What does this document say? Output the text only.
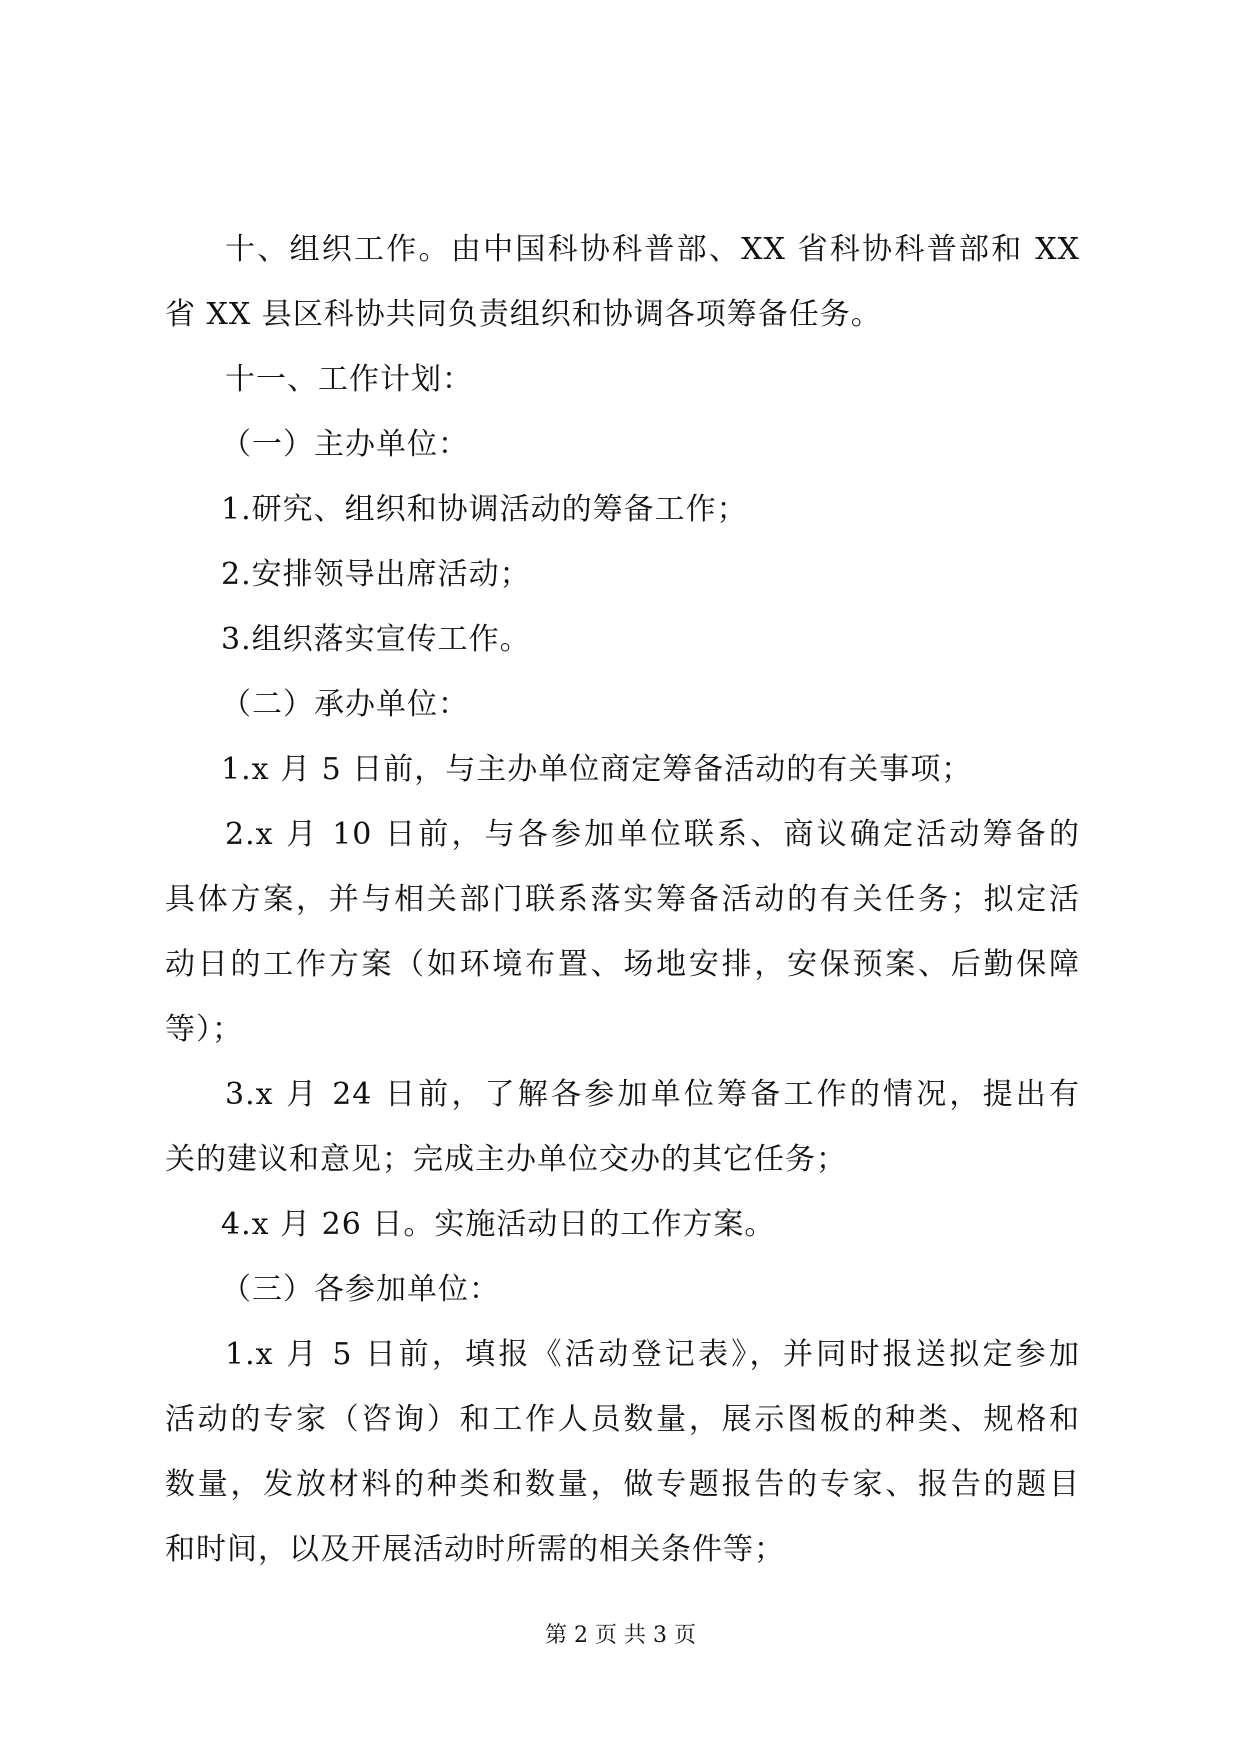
十、组织工作。由中国科协科普部、XX 省科协科普部和 XX
省 XX 县区科协共同负责组织和协调各项筹备任务。
十一、工作计划：
（一）主办单位：
1.研究、组织和协调活动的筹备工作；
2.安排领导出席活动；
3.组织落实宣传工作。
（二）承办单位：
1.x 月 5 日前，与主办单位商定筹备活动的有关事项；
2.x 月 10 日前，与各参加单位联系、商议确定活动筹备的
具体方案，并与相关部门联系落实筹备活动的有关任务；拟定活
动日的工作方案（如环境布置、场地安排，安保预案、后勤保障
等）；
3.x 月 24 日前，了解各参加单位筹备工作的情况，提出有
关的建议和意见；完成主办单位交办的其它任务；
4.x 月 26 日。实施活动日的工作方案。
（三）各参加单位：
1.x 月 5 日前，填报《活动登记表》，并同时报送拟定参加
活动的专家（咨询）和工作人员数量，展示图板的种类、规格和
数量，发放材料的种类和数量，做专题报告的专家、报告的题目
和时间，以及开展活动时所需的相关条件等；
第 2 页 共 3 页
